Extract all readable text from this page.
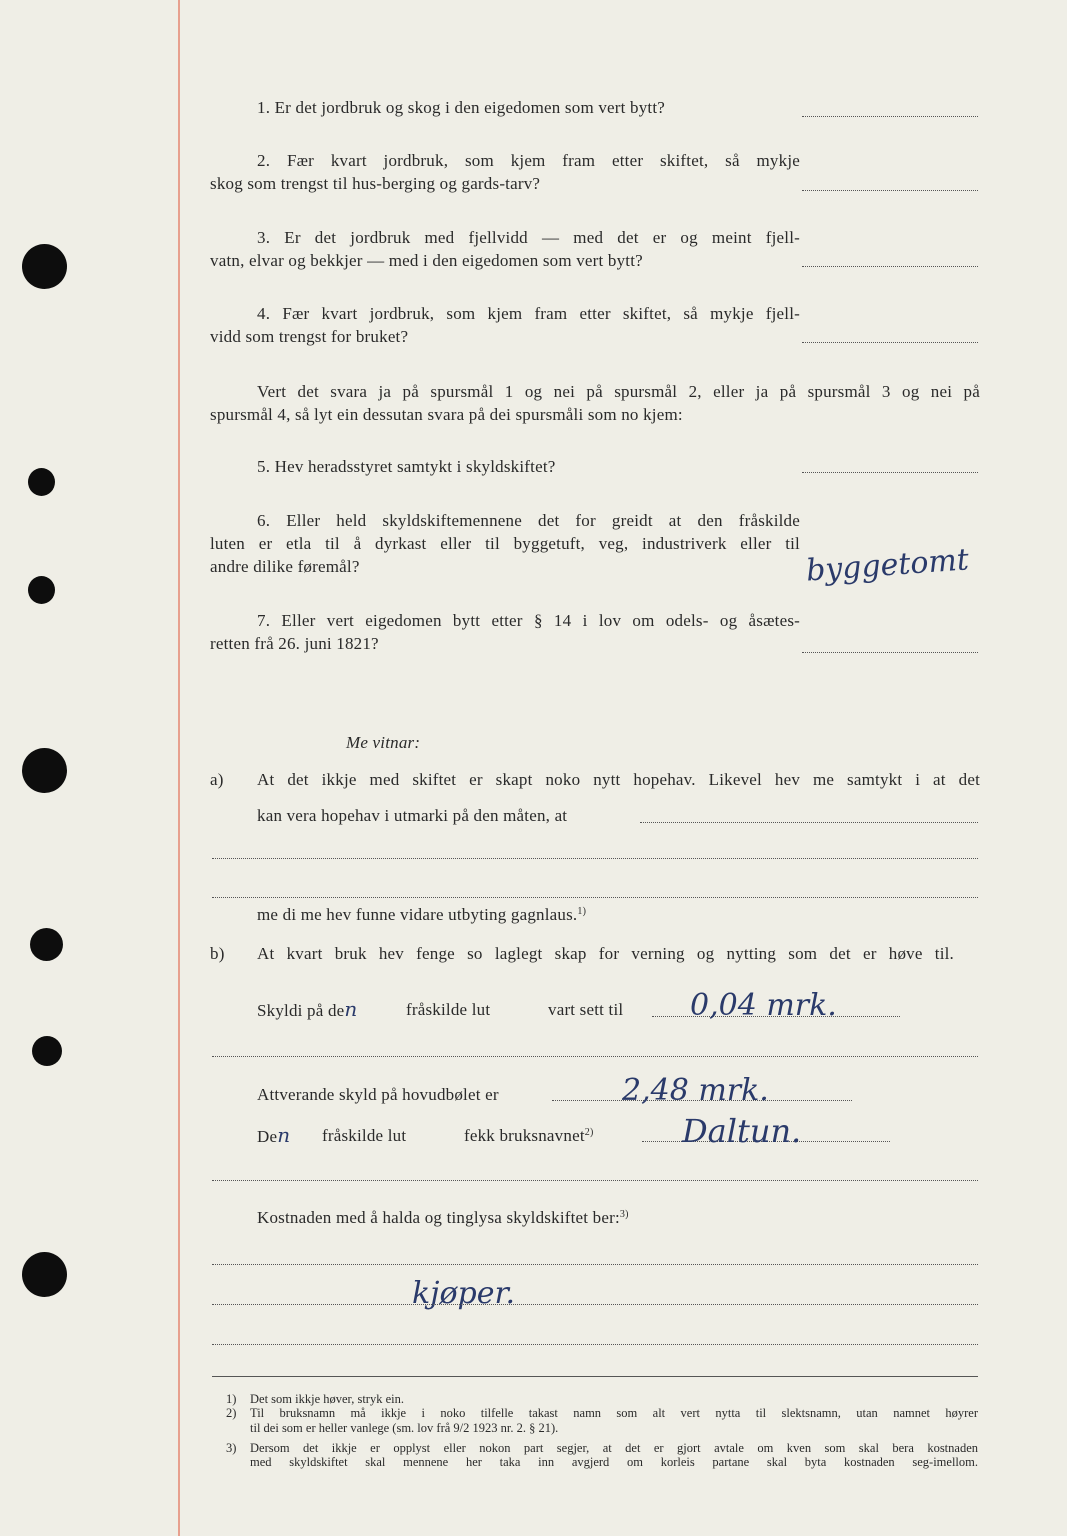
1. Er det jordbruk og skog i den eigedomen som vert bytt?
2. Fær kvart jordbruk, som kjem fram etter skiftet, så mykje
skog som trengst til hus-berging og gards-tarv?
3. Er det jordbruk med fjellvidd — med det er og meint fjell-
vatn, elvar og bekkjer — med i den eigedomen som vert bytt?
4. Fær kvart jordbruk, som kjem fram etter skiftet, så mykje fjell-
vidd som trengst for bruket?
Vert det svara ja på spursmål 1 og nei på spursmål 2, eller ja på spursmål 3 og nei på
spursmål 4, så lyt ein dessutan svara på dei spursmåli som no kjem:
5. Hev heradsstyret samtykt i skyldskiftet?
6. Eller held skyldskiftemennene det for greidt at den fråskilde
luten er etla til å dyrkast eller til byggetuft, veg, industriverk eller til
andre dilike føremål?	byggetomt
7. Eller vert eigedomen bytt etter § 14 i lov om odels- og åsætes-
retten frå 26. juni 1821?
Me vitnar:
a) At det ikkje med skiftet er skapt noko nytt hopehav. Likevel hev me samtykt i at det
kan vera hopehav i utmarki på den måten, at
me di me hev funne vidare utbyting gagnlaus.$^{1)}$
b) At kvart bruk hev fenge so laglegt skap for verning og nytting som det er høve til.
Skyldi på den	fråskilde lut	vart sett til 0,04 mrk.
Attverande skyld på hovudbølet er	2,48 mrk.
Den fråskilde lut	fekk bruksnavnet$^{2)}$	Daltun.
Kostnaden med å halda og tinglysa skyldskiftet ber:$^{3)}$
kjøper.
1)	Det som ikkje høver, stryk ein.
2)	Til bruksnamn må ikkje i noko tilfelle takast namn som alt vert nytta til slektsnamn, utan namnet høyrer
til dei som er heller vanlege (sm. lov frå 9/2 1923 nr. 2. § 21).
3)	Dersom det ikkje er opplyst eller nokon part segjer, at det er gjort avtale om kven som skal bera kostnaden
med skyldskiftet skal mennene her taka inn avgjerd om korleis partane skal byta kostnaden seg-imellom.
